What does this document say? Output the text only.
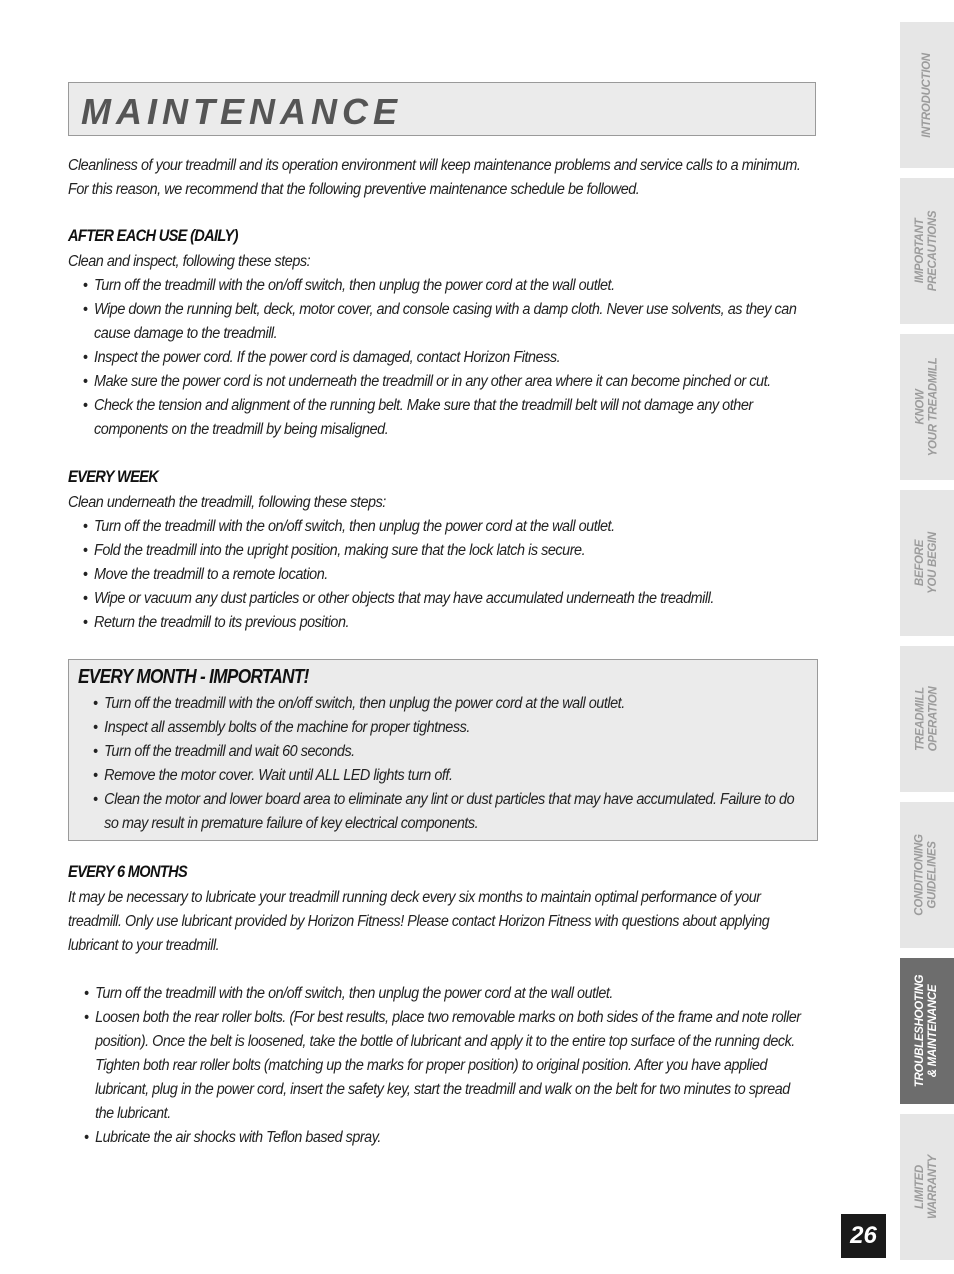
MAINTENANCE
Cleanliness of your treadmill and its operation environment will keep maintenance problems and service calls to a minimum. For this reason, we recommend that the following preventive maintenance schedule be followed.
AFTER EACH USE (DAILY)
Clean and inspect, following these steps:
• Turn off the treadmill with the on/off switch, then unplug the power cord at the wall outlet.
• Wipe down the running belt, deck, motor cover, and console casing with a damp cloth. Never use solvents, as they can cause damage to the treadmill.
• Inspect the power cord. If the power cord is damaged, contact Horizon Fitness.
• Make sure the power cord is not underneath the treadmill or in any other area where it can become pinched or cut.
• Check the tension and alignment of the running belt. Make sure that the treadmill belt will not damage any other components on the treadmill by being misaligned.
EVERY WEEK
Clean underneath the treadmill, following these steps:
• Turn off the treadmill with the on/off switch, then unplug the power cord at the wall outlet.
• Fold the treadmill into the upright position, making sure that the lock latch is secure.
• Move the treadmill to a remote location.
• Wipe or vacuum any dust particles or other objects that may have accumulated underneath the treadmill.
• Return the treadmill to its previous position.
EVERY MONTH - IMPORTANT!
• Turn off the treadmill with the on/off switch, then unplug the power cord at the wall outlet.
• Inspect all assembly bolts of the machine for proper tightness.
• Turn off the treadmill and wait 60 seconds.
• Remove the motor cover. Wait until ALL LED lights turn off.
• Clean the motor and lower board area to eliminate any lint or dust particles that may have accumulated. Failure to do so may result in premature failure of key electrical components.
EVERY 6 MONTHS
It may be necessary to lubricate your treadmill running deck every six months to maintain optimal performance of your treadmill. Only use lubricant provided by Horizon Fitness! Please contact Horizon Fitness with questions about applying lubricant to your treadmill.
• Turn off the treadmill with the on/off switch, then unplug the power cord at the wall outlet.
• Loosen both the rear roller bolts. (For best results, place two removable marks on both sides of the frame and note roller position). Once the belt is loosened, take the bottle of lubricant and apply it to the entire top surface of the running deck. Tighten both rear roller bolts (matching up the marks for proper position) to original position. After you have applied lubricant, plug in the power cord, insert the safety key, start the treadmill and walk on the belt for two minutes to spread the lubricant.
• Lubricate the air shocks with Teflon based spray.
INTRODUCTION
IMPORTANT PRECAUTIONS
KNOW YOUR TREADMILL
BEFORE YOU BEGIN
TREADMILL OPERATION
CONDITIONING GUIDELINES
TROUBLESHOOTING & MAINTENANCE
LIMITED WARRANTY
26
